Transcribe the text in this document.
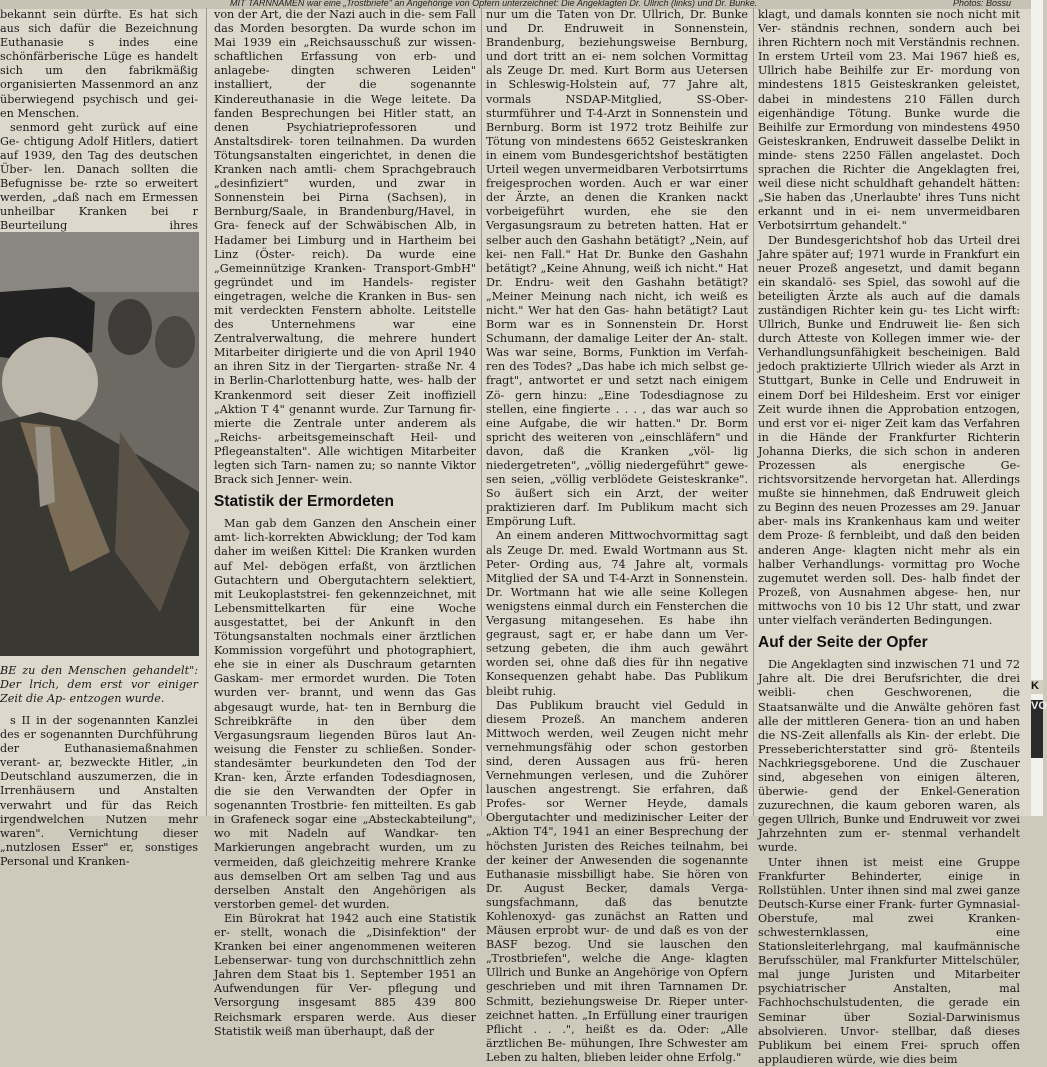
MIT TARNNAMEN war eine „Trostbriefe" an Angehörige von Opfern unterzeichnet: Die Angeklagten Dr. Ullrich (links) und Dr. Bunke.	Photos: Bossu

bekannt sein dürfte. Es hat sich aus sich dafür die Bezeichnung Euthanasie s indes eine schönfärberische Lüge es handelt sich um den fabrikmäßig organisierten Massenmord an anz überwiegend psychisch und gei- en Menschen.

senmord geht zurück auf eine Ge- chtigung Adolf Hitlers, datiert auf 1939, den Tag des deutschen Über- len. Danach sollten die Befugnisse be- rzte so erweitert werden, „daß nach em Ermessen unheilbar Kranken bei r Beurteilung ihres

BE zu den Menschen gehandelt": Der lrich, dem erst vor einiger Zeit die Ap- entzogen wurde.

s II in der sogenannten Kanzlei des er sogenannten Durchführung der Euthanasiemaßnahmen verant- ar, bezweckte Hitler, „in Deutschland auszumerzen, die in Irrenhäusern und Anstalten verwahrt und für das Reich irgendwelchen Nutzen mehr waren". Vernichtung dieser „nutzlosen Esser" er, sonstiges Personal und Kranken-

von der Art, die der Nazi auch in die- sem Fall das Morden besorgten. Da wurde schon im Mai 1939 ein „Reichsausschuß zur wissen- schaftlichen Erfassung von erb- und anlagebe- dingten schweren Leiden" installiert, der die sogenannte Kindereuthanasie in die Wege leitete. Da fanden Besprechungen bei Hitler statt, an denen Psychiatrieprofessoren und Anstaltsdirek- toren teilnahmen. Da wurden Tötungsanstalten eingerichtet, in denen die Kranken nach amtli- chem Sprachgebrauch „desinfiziert" wurden, und zwar in Sonnenstein bei Pirna (Sachsen), in Bernburg/Saale, in Brandenburg/Havel, in Gra- feneck auf der Schwäbischen Alb, in Hadamer bei Limburg und in Hartheim bei Linz (Öster- reich). Da wurde eine „Gemeinnützige Kranken- Transport-GmbH" gegründet und im Handels- register eingetragen, welche die Kranken in Bus- sen mit verdeckten Fenstern abholte. Leitstelle des Unternehmens war eine Zentralverwaltung, die mehrere hundert Mitarbeiter dirigierte und die von April 1940 an ihren Sitz in der Tiergarten- straße Nr. 4 in Berlin-Charlottenburg hatte, wes- halb der Krankenmord seit dieser Zeit inoffiziell „Aktion T 4" genannt wurde. Zur Tarnung fir- mierte die Zentrale unter anderem als „Reichs- arbeitsgemeinschaft Heil- und Pflegeanstalten". Alle wichtigen Mitarbeiter legten sich Tarn- namen zu; so nannte Viktor Brack sich Jenner- wein.

Statistik der Ermordeten

Man gab dem Ganzen den Anschein einer amt- lich-korrekten Abwicklung; der Tod kam daher im weißen Kittel: Die Kranken wurden auf Mel- debögen erfaßt, von ärztlichen Gutachtern und Obergutachtern selektiert, mit Leukoplaststrei- fen gekennzeichnet, mit Lebensmittelkarten für eine Woche ausgestattet, bei der Ankunft in den Tötungsanstalten nochmals einer ärztlichen Kommission vorgeführt und photographiert, ehe sie in einer als Duschraum getarnten Gaskam- mer ermordet wurden. Die Toten wurden ver- brannt, und wenn das Gas abgesaugt wurde, hat- ten in Bernburg die Schreibkräfte in den über dem Vergasungsraum liegenden Büros laut An- weisung die Fenster zu schließen. Sonder- standesämter beurkundeten den Tod der Kran- ken, Ärzte erfanden Todesdiagnosen, die sie den Verwandten der Opfer in sogenannten Trostbrie- fen mitteilten. Es gab in Grafeneck sogar eine „Absteckabteilung", wo mit Nadeln auf Wandkar- ten Markierungen angebracht wurden, um zu vermeiden, daß gleichzeitig mehrere Kranke aus demselben Ort am selben Tag und aus derselben Anstalt den Angehörigen als verstorben gemel- det wurden.

Ein Bürokrat hat 1942 auch eine Statistik er- stellt, wonach die „Disinfektion" der Kranken bei einer angenommenen weiteren Lebenserwar- tung von durchschnittlich zehn Jahren dem Staat bis 1. September 1951 an Aufwendungen für Ver- pflegung und Versorgung insgesamt 885 439 800 Reichsmark ersparen werde. Aus dieser Statistik weiß man überhaupt, daß der

nur um die Taten von Dr. Ullrich, Dr. Bunke und Dr. Endruweit in Sonnenstein, Brandenburg, beziehungsweise Bernburg, und dort tritt an ei- nem solchen Vormittag als Zeuge Dr. med. Kurt Borm aus Uetersen in Schleswig-Holstein auf, 77 Jahre alt, vormals NSDAP-Mitglied, SS-Ober- sturmführer und T-4-Arzt in Sonnenstein und Bernburg. Borm ist 1972 trotz Beihilfe zur Tötung von mindestens 6652 Geisteskranken in einem vom Bundesgerichtshof bestätigten Urteil wegen unvermeidbaren Verbotsirrtums freigesprochen worden. Auch er war einer der Ärzte, an denen die Kranken nackt vorbeigeführt wurden, ehe sie den Vergasungsraum zu betreten hatten. Hat er selber auch den Gashahn betätigt? „Nein, auf kei- nen Fall." Hat Dr. Bunke den Gashahn betätigt? „Keine Ahnung, weiß ich nicht." Hat Dr. Endru- weit den Gashahn betätigt? „Meiner Meinung nach nicht, ich weiß es nicht." Wer hat den Gas- hahn betätigt? Laut Borm war es in Sonnenstein Dr. Horst Schumann, der damalige Leiter der An- stalt. Was war seine, Borms, Funktion im Verfah- ren des Todes? „Das habe ich mich selbst ge- fragt", antwortet er und setzt nach einigem Zö- gern hinzu: „Eine Todesdiagnose zu stellen, eine fingierte . . . , das war auch so eine Aufgabe, die wir hatten." Dr. Borm spricht des weiteren von „einschläfern" und davon, daß die Kranken „völ- lig niedergetreten", „völlig niedergeführt" gewe- sen seien, „völlig verblödete Geisteskranke". So äußert sich ein Arzt, der weiter praktizieren darf. Im Publikum macht sich Empörung Luft.

An einem anderen Mittwochvormittag sagt als Zeuge Dr. med. Ewald Wortmann aus St. Peter- Ording aus, 74 Jahre alt, vormals Mitglied der SA und T-4-Arzt in Sonnenstein. Dr. Wortmann hat wie alle seine Kollegen wenigstens einmal durch ein Fensterchen die Vergasung mitangesehen. Es habe ihn gegraust, sagt er, er habe dann um Ver- setzung gebeten, die ihm auch gewährt worden sei, ohne daß dies für ihn negative Konsequenzen gehabt habe. Das Publikum bleibt ruhig.

Das Publikum braucht viel Geduld in diesem Prozeß. An manchem anderen Mittwoch werden, weil Zeugen nicht mehr vernehmungsfähig oder schon gestorben sind, deren Aussagen aus frü- heren Vernehmungen verlesen, und die Zuhörer lauschen angestrengt. Sie erfahren, daß Profes- sor Werner Heyde, damals Obergutachter und medizinischer Leiter der „Aktion T4", 1941 an einer Besprechung der höchsten Juristen des Reiches teilnahm, bei der keiner der Anwesenden die sogenannte Euthanasie missbilligt habe. Sie hören von Dr. August Becker, damals Verga- sungsfachmann, daß das benutzte Kohlenoxyd- gas zunächst an Ratten und Mäusen erprobt wur- de und daß es von der BASF bezog. Und sie lauschen den „Trostbriefen", welche die Ange- klagten Ullrich und Bunke an Angehörige von Opfern geschrieben und mit ihren Tarnnamen Dr. Schmitt, beziehungsweise Dr. Rieper unter- zeichnet hatten. „In Erfüllung einer traurigen Pflicht . . .", heißt es da. Oder: „Alle ärztlichen Be- mühungen, Ihre Schwester am Leben zu halten, blieben leider ohne Erfolg."

klagt, und damals konnten sie noch nicht mit Ver- ständnis rechnen, sondern auch bei ihren Richtern noch mit Verständnis rechnen. In erstem Urteil vom 23. Mai 1967 hieß es, Ullrich habe Beihilfe zur Er- mordung von mindestens 1815 Geisteskranken geleistet, dabei in mindestens 210 Fällen durch eigenhändige Tötung. Bunke wurde die Beihilfe zur Ermordung von mindestens 4950 Geisteskranken, Endruweit dasselbe Delikt in minde- stens 2250 Fällen angelastet. Doch sprachen die Richter die Angeklagten frei, weil diese nicht schuldhaft gehandelt hätten: „Sie haben das ,Unerlaubte' ihres Tuns nicht erkannt und in ei- nem unvermeidbaren Verbotsirrtum gehandelt."

Der Bundesgerichtshof hob das Urteil drei Jahre später auf; 1971 wurde in Frankfurt ein neuer Prozeß angesetzt, und damit begann ein skandalö- ses Spiel, das sowohl auf die beteiligten Ärzte als auch auf die damals zuständigen Richter kein gu- tes Licht wirft: Ullrich, Bunke und Endruweit lie- ßen sich durch Atteste von Kollegen immer wie- der Verhandlungsunfähigkeit bescheinigen. Bald jedoch praktizierte Ullrich wieder als Arzt in Stuttgart, Bunke in Celle und Endruweit in einem Dorf bei Hildesheim. Erst vor einiger Zeit wurde ihnen die Approbation entzogen, und erst vor ei- niger Zeit kam das Verfahren in die Hände der Frankfurter Richterin Johanna Dierks, die sich schon in anderen Prozessen als energische Ge- richtsvorsitzende hervorgetan hat. Allerdings mußte sie hinnehmen, daß Endruweit gleich zu Beginn des neuen Prozesses am 29. Januar aber- mals ins Krankenhaus kam und weiter dem Proze- ß fernbleibt, und daß den beiden anderen Ange- klagten nicht mehr als ein halber Verhandlungs- vormittag pro Woche zugemutet werden soll. Des- halb findet der Prozeß, von Ausnahmen abgese- hen, nur mittwochs von 10 bis 12 Uhr statt, und zwar unter vielfach veränderten Bedingungen.

Auf der Seite der Opfer

Die Angeklagten sind inzwischen 71 und 72 Jahre alt. Die drei Berufsrichter, die drei weibli- chen Geschworenen, die Staatsanwälte und die Anwälte gehören fast alle der mittleren Genera- tion an und haben die NS-Zeit allenfalls als Kin- der erlebt. Die Presseberichterstatter sind grö- ßtenteils Nachkriegsgeborene. Und die Zuschauer sind, abgesehen von einigen älteren, überwie- gend der Enkel-Generation zuzurechnen, die kaum geboren waren, als gegen Ullrich, Bunke und Endruweit vor zwei Jahrzehnten zum er- stenmal verhandelt wurde.

Unter ihnen ist meist eine Gruppe Frankfurter Behinderter, einige in Rollstühlen. Unter ihnen sind mal zwei ganze Deutsch-Kurse einer Frank- furter Gymnasial-Oberstufe, mal zwei Kranken- schwesternklassen, eine Stationsleiterlehrgang, mal kaufmännische Berufsschüler, mal Frankfurter Mittelschüler, mal junge Juristen und Mitarbeiter psychiatrischer Anstalten, mal Fachhochschulstudenten, die gerade ein Seminar über Sozial-Darwinismus absolvieren. Unvor- stellbar, daß dieses Publikum bei einem Frei- spruch offen applaudieren würde, wie dies beim

K
VO
